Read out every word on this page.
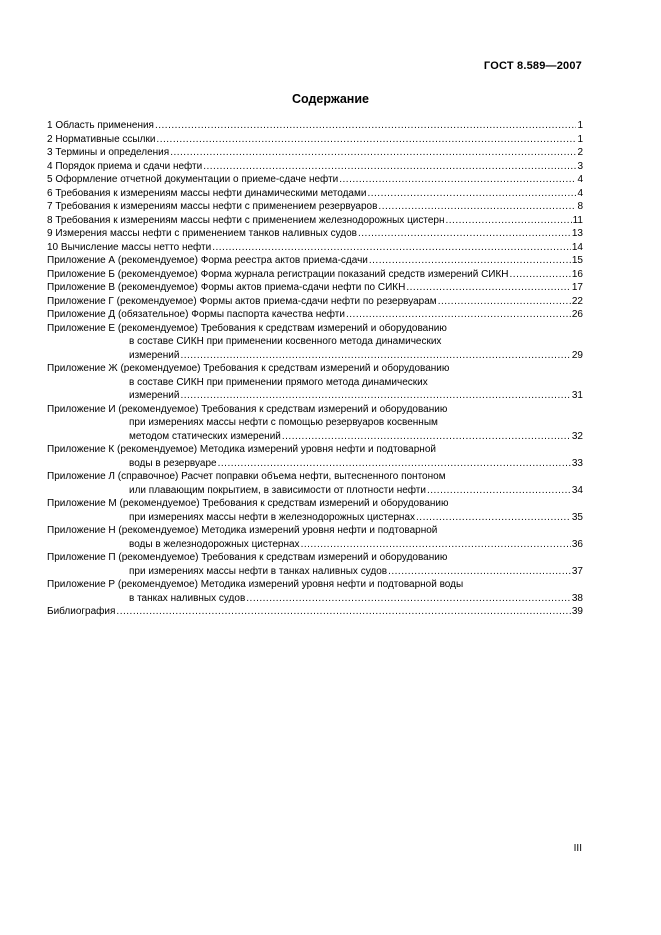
ГОСТ 8.589—2007
Содержание
1 Область применения .....	1
2 Нормативные ссылки .....	1
3 Термины и определения .....	2
4 Порядок приема и сдачи нефти .....	3
5 Оформление отчетной документации о приеме-сдаче нефти .....	4
6 Требования к измерениям массы нефти динамическими методами .....	4
7 Требования к измерениям массы нефти с применением резервуаров .....	8
8 Требования к измерениям массы нефти с применением железнодорожных цистерн .....	11
9 Измерения массы нефти с применением танков наливных судов .....	13
10 Вычисление массы нетто нефти .....	14
Приложение А (рекомендуемое) Форма реестра актов приема-сдачи .....	15
Приложение Б (рекомендуемое) Форма журнала регистрации показаний средств измерений СИКН .....	16
Приложение В (рекомендуемое) Формы актов приема-сдачи нефти по СИКН .....	17
Приложение Г (рекомендуемое) Формы актов приема-сдачи нефти по резервуарам .....	22
Приложение Д (обязательное) Формы паспорта качества нефти .....	26
Приложение Е (рекомендуемое) Требования к средствам измерений и оборудованию
в составе СИКН при применении косвенного метода динамических
измерений .....	29
Приложение Ж (рекомендуемое) Требования к средствам измерений и оборудованию
в составе СИКН при применении прямого метода динамических
измерений .....	31
Приложение И (рекомендуемое) Требования к средствам измерений и оборудованию
при измерениях массы нефти с помощью резервуаров косвенным
методом статических измерений .....	32
Приложение К (рекомендуемое) Методика измерений уровня нефти и подтоварной
воды в резервуаре .....	33
Приложение Л (справочное) Расчет поправки объема нефти, вытесненного понтоном
или плавающим покрытием, в зависимости от плотности нефти .....	34
Приложение М (рекомендуемое) Требования к средствам измерений и оборудованию
при измерениях массы нефти в железнодорожных цистернах .....	35
Приложение Н (рекомендуемое) Методика измерений уровня нефти и подтоварной
воды в железнодорожных цистернах .....	36
Приложение П (рекомендуемое) Требования к средствам измерений и оборудованию
при измерениях массы нефти в танках наливных судов .....	37
Приложение Р (рекомендуемое) Методика измерений уровня нефти и подтоварной воды
в танках наливных судов .....	38
Библиография .....	39
III
